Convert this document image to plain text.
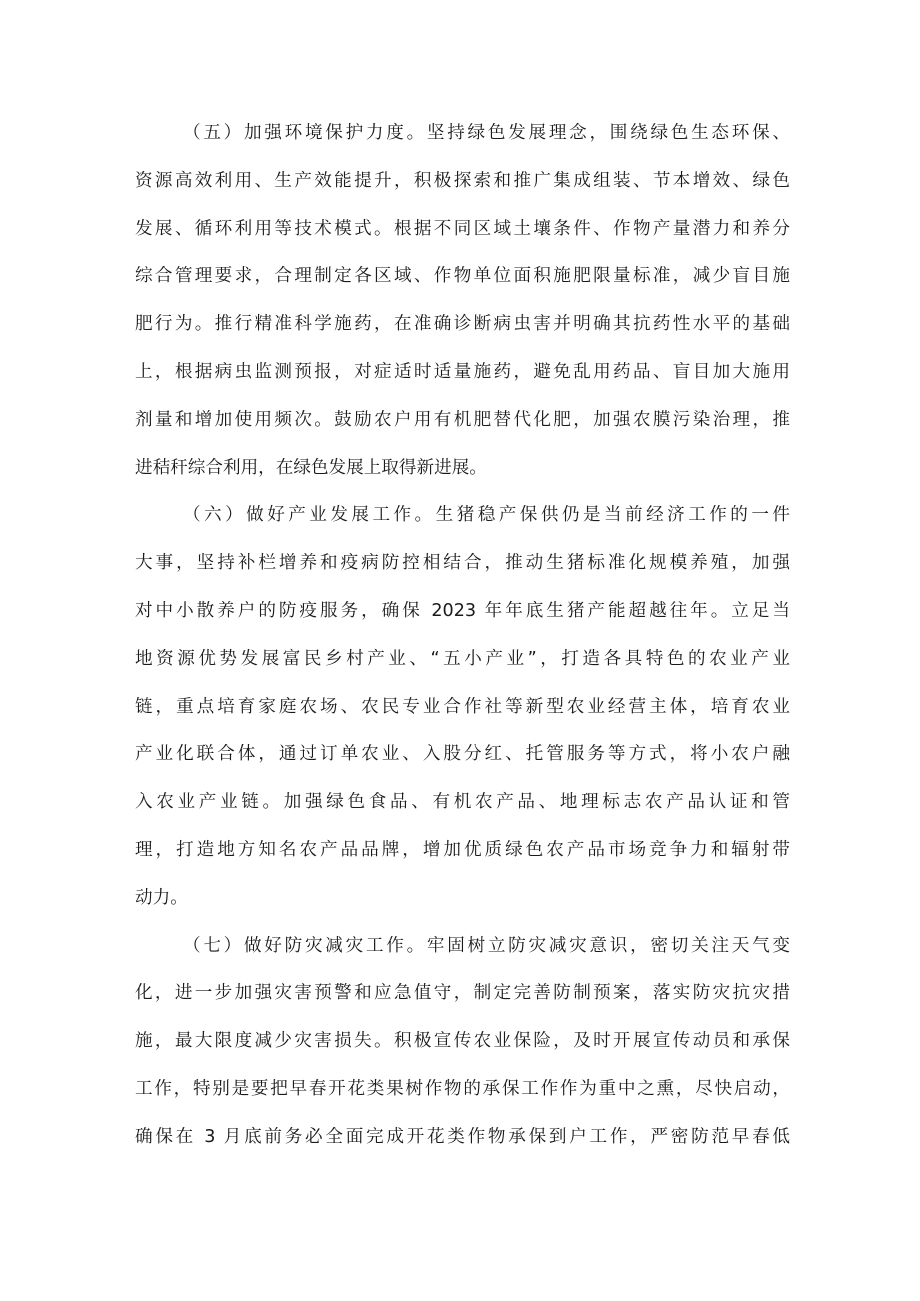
（五）加强环境保护力度。坚持绿色发展理念，围绕绿色生态环保、
资源高效利用、生产效能提升，积极探索和推广集成组装、节本增效、绿色
发展、循环利用等技术模式。根据不同区域土壤条件、作物产量潜力和养分
综合管理要求，合理制定各区域、作物单位面积施肥限量标准，减少盲目施
肥行为。推行精准科学施药，在准确诊断病虫害并明确其抗药性水平的基础
上，根据病虫监测预报，对症适时适量施药，避免乱用药品、盲目加大施用
剂量和增加使用频次。鼓励农户用有机肥替代化肥，加强农膜污染治理，推
进秸秆综合利用，在绿色发展上取得新进展。
（六）做好产业发展工作。生猪稳产保供仍是当前经济工作的一件
大事，坚持补栏增养和疫病防控相结合，推动生猪标准化规模养殖，加强
对中小散养户的防疫服务，确保 2023 年年底生猪产能超越往年。立足当
地资源优势发展富民乡村产业、“五小产业”，打造各具特色的农业产业
链，重点培育家庭农场、农民专业合作社等新型农业经营主体，培育农业
产业化联合体，通过订单农业、入股分红、托管服务等方式，将小农户融
入农业产业链。加强绿色食品、有机农产品、地理标志农产品认证和管
理，打造地方知名农产品品牌，增加优质绿色农产品市场竞争力和辐射带
动力。
（七）做好防灾减灾工作。牢固树立防灾减灾意识，密切关注天气变
化，进一步加强灾害预警和应急值守，制定完善防制预案，落实防灾抗灾措
施，最大限度减少灾害损失。积极宣传农业保险，及时开展宣传动员和承保
工作，特别是要把早春开花类果树作物的承保工作作为重中之熏，尽快启动，
确保在 3 月底前务必全面完成开花类作物承保到户工作，严密防范早春低
